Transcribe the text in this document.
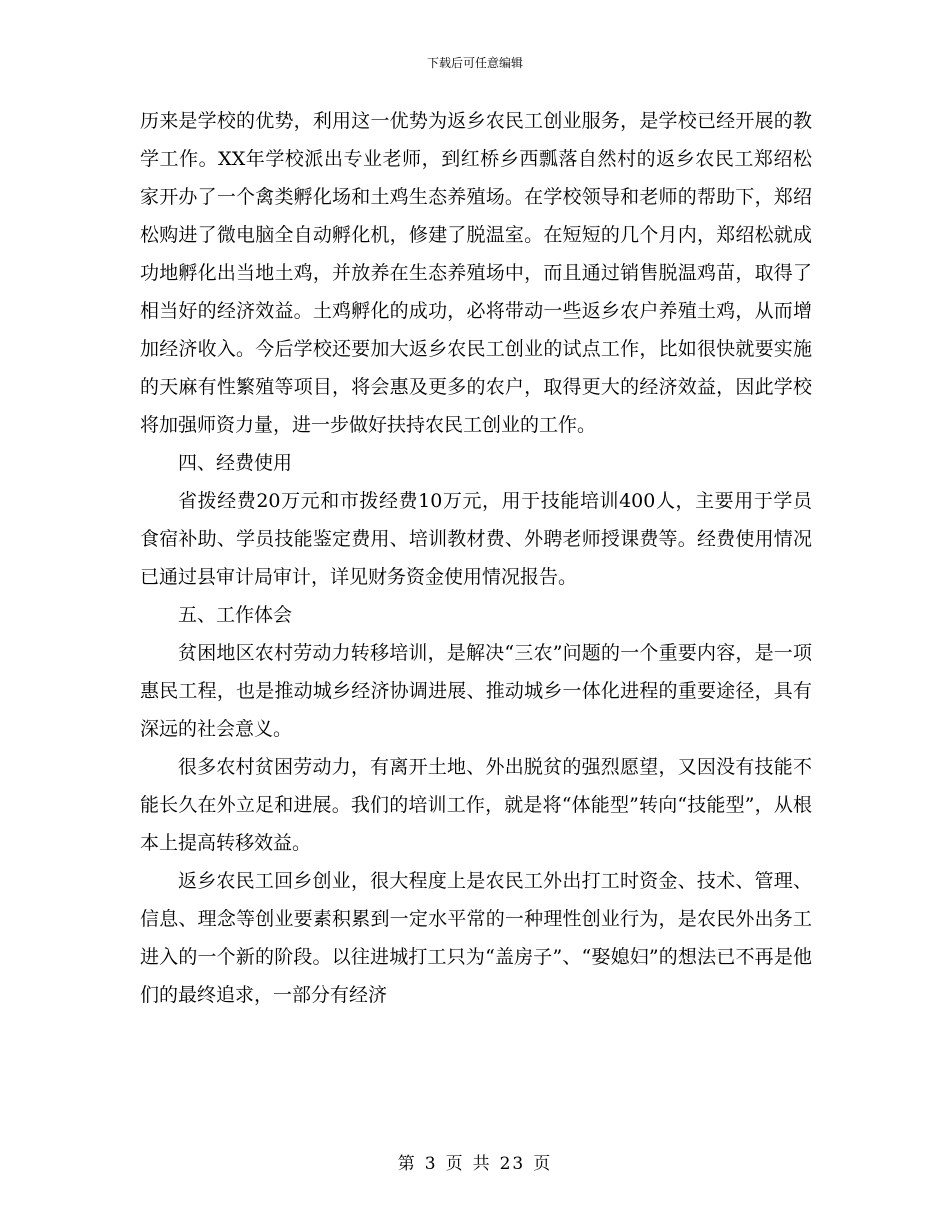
下载后可任意编辑

历来是学校的优势，利用这一优势为返乡农民工创业服务，是学校已经开展的教学工作。XX年学校派出专业老师，到红桥乡西瓢落自然村的返乡农民工郑绍松家开办了一个禽类孵化场和土鸡生态养殖场。在学校领导和老师的帮助下，郑绍松购进了微电脑全自动孵化机，修建了脱温室。在短短的几个月内，郑绍松就成功地孵化出当地土鸡，并放养在生态养殖场中，而且通过销售脱温鸡苗，取得了相当好的经济效益。土鸡孵化的成功，必将带动一些返乡农户养殖土鸡，从而增加经济收入。今后学校还要加大返乡农民工创业的试点工作，比如很快就要实施的天麻有性繁殖等项目，将会惠及更多的农户，取得更大的经济效益，因此学校将加强师资力量，进一步做好扶持农民工创业的工作。

四、经费使用

省拨经费20万元和市拨经费10万元，用于技能培训400人，主要用于学员食宿补助、学员技能鉴定费用、培训教材费、外聘老师授课费等。经费使用情况已通过县审计局审计，详见财务资金使用情况报告。

五、工作体会

贫困地区农村劳动力转移培训，是解决“三农”问题的一个重要内容，是一项惠民工程，也是推动城乡经济协调进展、推动城乡一体化进程的重要途径，具有深远的社会意义。

很多农村贫困劳动力，有离开土地、外出脱贫的强烈愿望，又因没有技能不能长久在外立足和进展。我们的培训工作，就是将“体能型”转向“技能型”，从根本上提高转移效益。

返乡农民工回乡创业，很大程度上是农民工外出打工时资金、技术、管理、信息、理念等创业要素积累到一定水平常的一种理性创业行为，是农民外出务工进入的一个新的阶段。以往进城打工只为“盖房子”、“娶媳妇”的想法已不再是他们的最终追求，一部分有经济

第 3 页 共 23 页
